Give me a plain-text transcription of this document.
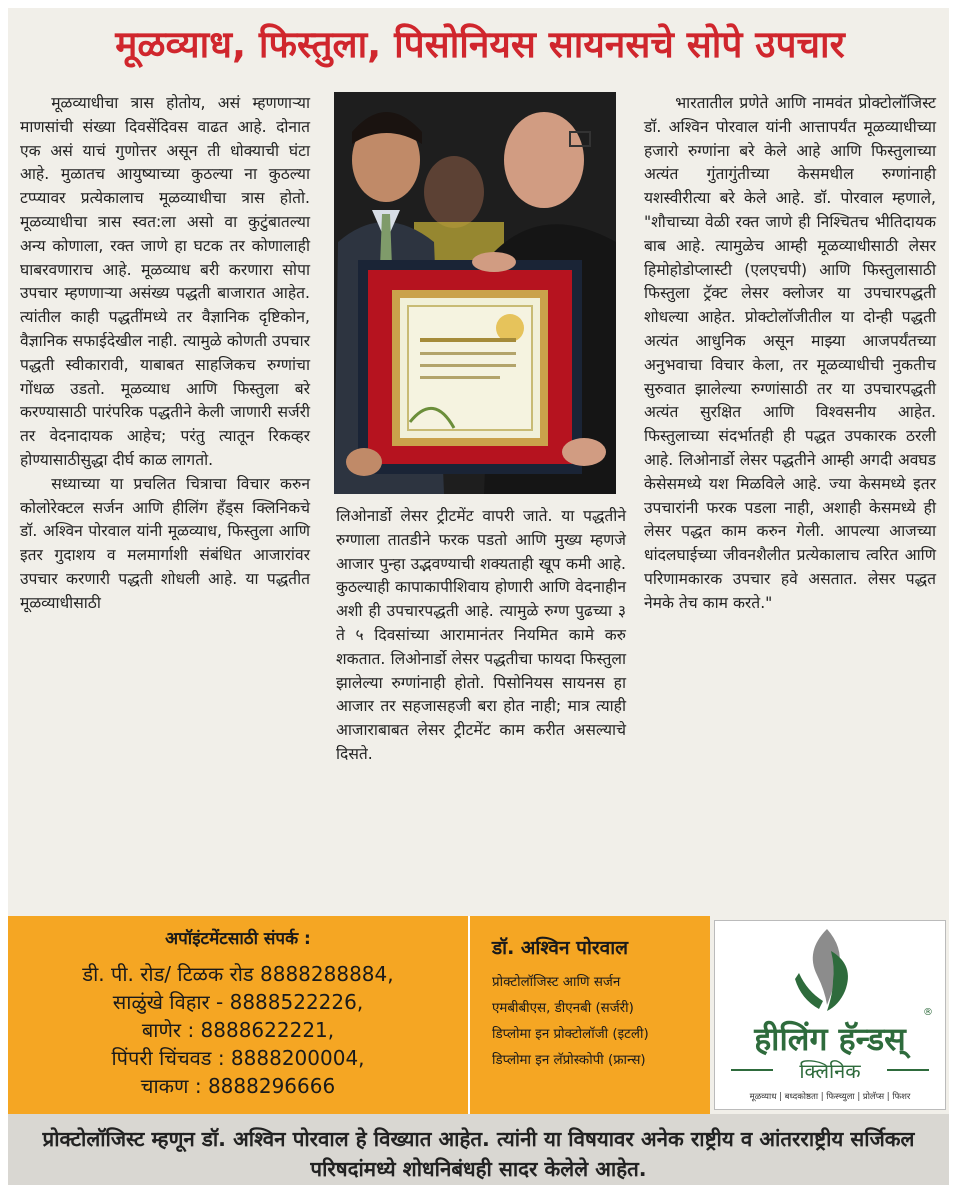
मूळव्याध, फिस्तुला, पिसोनियस सायनसचे सोपे उपचार

मूळव्याधीचा त्रास होतोय, असं म्हणणाऱ्या माणसांची संख्या दिवसेंदिवस वाढत आहे. दोनात एक असं याचं गुणोत्तर असून ती धोक्याची घंटा आहे. मुळातच आयुष्याच्या कुठल्या ना कुठल्या टप्प्यावर प्रत्येकालाच मूळव्याधीचा त्रास होतो. मूळव्याधीचा त्रास स्वत:ला असो वा कुटुंबातल्या अन्य कोणाला, रक्त जाणे हा घटक तर कोणालाही घाबरवणाराच आहे. मूळव्याध बरी करणारा सोपा उपचार म्हणणाऱ्या असंख्य पद्धती बाजारात आहेत. त्यांतील काही पद्धतींमध्ये तर वैज्ञानिक दृष्टिकोन, वैज्ञानिक सफाईदेखील नाही. त्यामुळे कोणती उपचार पद्धती स्वीकारावी, याबाबत साहजिकच रुग्णांचा गोंधळ उडतो. मूळव्याध आणि फिस्तुला बरे करण्यासाठी पारंपरिक पद्धतीने केली जाणारी सर्जरी तर वेदनादायक आहेच; परंतु त्यातून रिकव्हर होण्यासाठीसुद्धा दीर्घ काळ लागतो.

सध्याच्या या प्रचलित चित्राचा विचार करुन कोलोरेक्टल सर्जन आणि हीलिंग हँड्स क्लिनिकचे डॉ. अश्विन पोरवाल यांनी मूळव्याध, फिस्तुला आणि इतर गुदाशय व मलमार्गाशी संबंधित आजारांवर उपचार करणारी पद्धती शोधली आहे. या पद्धतीत मूळव्याधीसाठी

लिओनार्डो लेसर ट्रीटमेंट वापरी जाते. या पद्धतीने रुग्णाला तातडीने फरक पडतो आणि मुख्य म्हणजे आजार पुन्हा उद्भवण्याची शक्यताही खूप कमी आहे. कुठल्याही कापाकापीशिवाय होणारी आणि वेदनाहीन अशी ही उपचारपद्धती आहे. त्यामुळे रुग्ण पुढच्या ३ ते ५ दिवसांच्या आरामानंतर नियमित कामे करु शकतात. लिओनार्डो लेसर पद्धतीचा फायदा फिस्तुला झालेल्या रुग्णांनाही होतो. पिसोनियस सायनस हा आजार तर सहजासहजी बरा होत नाही; मात्र त्याही आजाराबाबत लेसर ट्रीटमेंट काम करीत असल्याचे दिसते.

भारतातील प्रणेते आणि नामवंत प्रोक्टोलॉजिस्ट डॉ. अश्विन पोरवाल यांनी आत्तापर्यंत मूळव्याधीच्या हजारो रुग्णांना बरे केले आहे आणि फिस्तुलाच्या अत्यंत गुंतागुंतीच्या केसमधील रुग्णांनाही यशस्वीरीत्या बरे केले आहे. डॉ. पोरवाल म्हणाले, "शौचाच्या वेळी रक्त जाणे ही निश्चितच भीतिदायक बाब आहे. त्यामुळेच आम्ही मूळव्याधीसाठी लेसर हिमोहोडोप्लास्टी (एलएचपी) आणि फिस्तुलासाठी फिस्तुला ट्रॅक्ट लेसर क्लोजर या उपचारपद्धती शोधल्या आहेत. प्रोक्टोलॉजीतील या दोन्ही पद्धती अत्यंत आधुनिक असून माझ्या आजपर्यंतच्या अनुभवाचा विचार केला, तर मूळव्याधीची नुकतीच सुरुवात झालेल्या रुग्णांसाठी तर या उपचारपद्धती अत्यंत सुरक्षित आणि विश्वसनीय आहेत. फिस्तुलाच्या संदर्भातही ही पद्धत उपकारक ठरली आहे. लिओनार्डो लेसर पद्धतीने आम्ही अगदी अवघड केसेसमध्ये यश मिळविले आहे. ज्या केसमध्ये इतर उपचारांनी फरक पडला नाही, अशाही केसमध्ये ही लेसर पद्धत काम करुन गेली. आपल्या आजच्या धांदलघाईच्या जीवनशैलीत प्रत्येकालाच त्वरित आणि परिणामकारक उपचार हवे असतात. लेसर पद्धत नेमके तेच काम करते."

अपॉइंटमेंटसाठी संपर्क :
डी. पी. रोड/ टिळक रोड 8888288884,
साळुंखे विहार - 8888522226,
बाणेर : 8888622221,
पिंपरी चिंचवड : 8888200004,
चाकण : 8888296666
डॉ. अश्विन पोरवाल
प्रोक्टोलॉजिस्ट आणि सर्जन
एमबीबीएस, डीएनबी (सर्जरी)
डिप्लोमा इन प्रोक्टोलॉजी (इटली)
डिप्लोमा इन लॅप्रोस्कोपी (फ्रान्स)
हीलिंग हॅन्डस्
®
क्लिनिक
मूळव्याध | बध्दकोष्ठता | फिस्च्युला | प्रोलॅप्स | फिशर
प्रोक्टोलॉजिस्ट म्हणून डॉ. अश्विन पोरवाल हे विख्यात आहेत. त्यांनी या विषयावर अनेक राष्ट्रीय व आंतरराष्ट्रीय सर्जिकल परिषदांमध्ये शोधनिबंधही सादर केलेले आहेत.
